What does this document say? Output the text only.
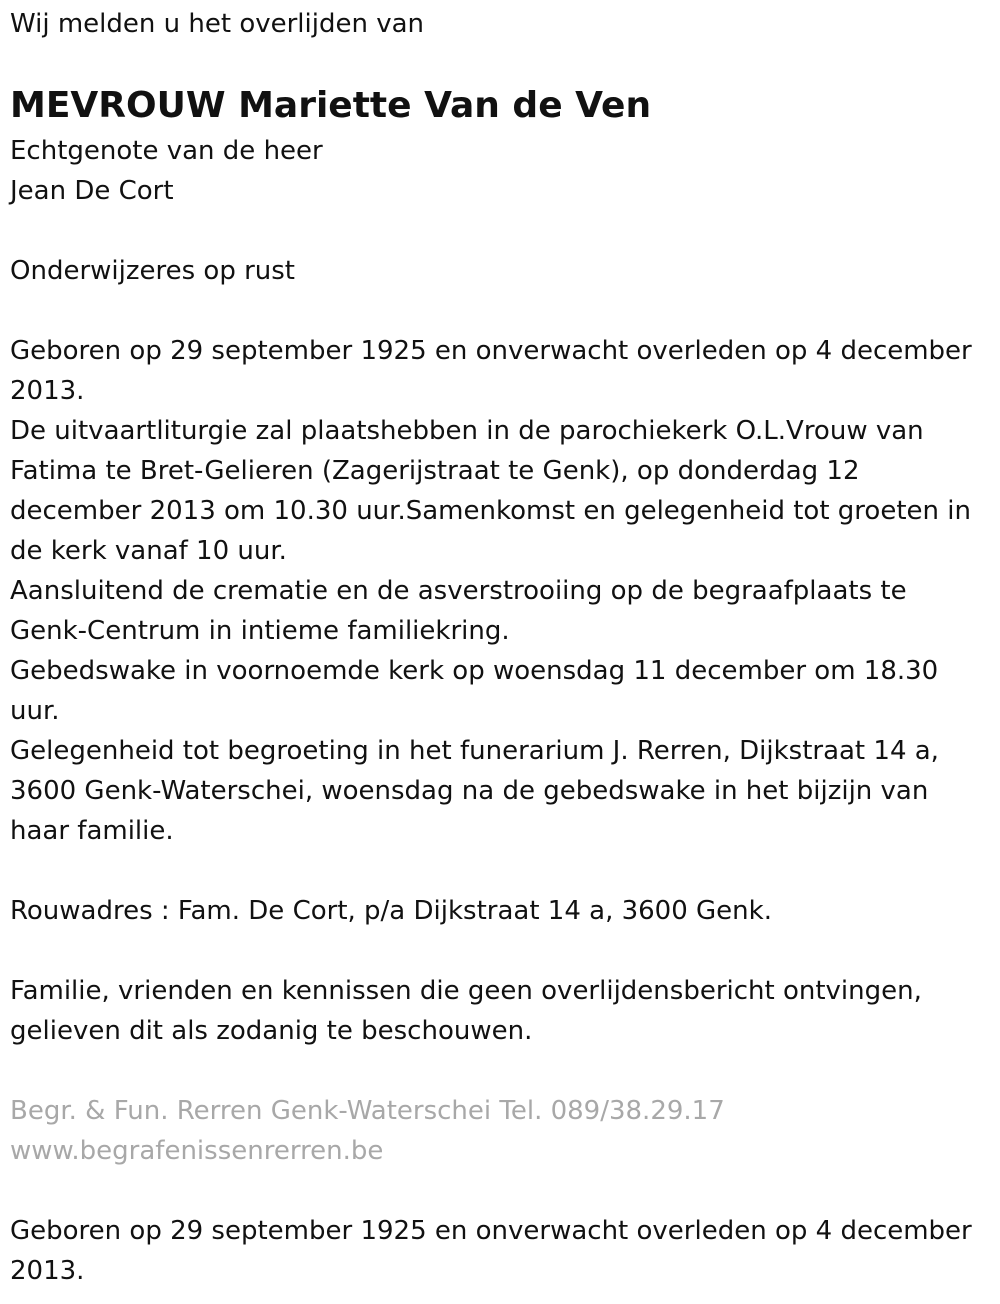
Wij melden u het overlijden van
MEVROUW Mariette Van de Ven
Echtgenote van de heer
Jean De Cort
Onderwijzeres op rust

Geboren op 29 september 1925 en onverwacht overleden op 4 december 2013.

De uitvaartliturgie zal plaatshebben in de parochiekerk O.L.Vrouw van Fatima te Bret-Gelieren (Zagerijstraat te Genk), op donderdag 12 december 2013 om 10.30 uur.Samenkomst en gelegenheid tot groeten in de kerk vanaf 10 uur.

Aansluitend de crematie en de asverstrooiing op de begraafplaats te Genk-Centrum in intieme familiekring.

Gebedswake in voornoemde kerk op woensdag 11 december om 18.30 uur.

Gelegenheid tot begroeting in het funerarium J. Rerren, Dijkstraat 14 a, 3600 Genk-Waterschei, woensdag na de gebedswake in het bijzijn van haar familie.

Rouwadres : Fam. De Cort, p/a Dijkstraat 14 a, 3600 Genk.
Familie, vrienden en kennissen die geen overlijdensbericht ontvingen, gelieven dit als zodanig te beschouwen.
Begr. & Fun. Rerren Genk-Waterschei Tel. 089/38.29.17
www.begrafenissenrerren.be
Geboren op 29 september 1925 en onverwacht overleden op 4 december 2013.
